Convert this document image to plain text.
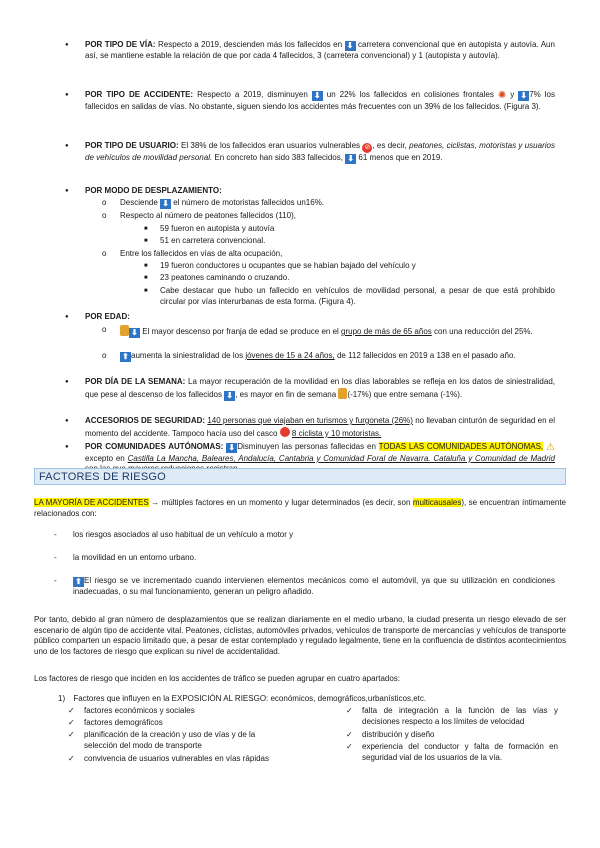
● POR TIPO DE VÍA: Respecto a 2019, descienden más los fallecidos en ⬇ carretera convencional que en autopista y autovía. Aun así, se mantiene estable la relación de que por cada 4 fallecidos, 3 (carretera convencional) y 1 (autopista y autovía).
● POR TIPO DE ACCIDENTE: Respecto a 2019, disminuyen ⬇ un 22% los fallecidos en colisiones frontales ✺ y ⬇ 7% los fallecidos en salidas de vías. No obstante, siguen siendo los accidentes más frecuentes con un 39% de los fallecidos. (Figura 3).
● POR TIPO DE USUARIO: El 38% de los fallecidos eran usuarios vulnerables ⊘ , es decir, peatones, ciclistas, motoristas y usuarios de vehículos de movilidad personal. En concreto han sido 383 fallecidos, ⬇ 61 menos que en 2019.
● POR MODO DE DESPLAZAMIENTO:
o Desciende ⬇ el número de motoristas fallecidos un16%.
o Respecto al número de peatones fallecidos (110),
■ 59 fueron en autopista y autovía
■ 51 en carretera convencional.
o Entre los fallecidos en vías de alta ocupación,
■ 19 fueron conductores u ocupantes que se habían bajado del vehículo y
■ 23 peatones caminando o cruzando.
■ Cabe destacar que hubo un fallecido en vehículos de movilidad personal, a pesar de que está prohibido circular por vías interurbanas de esta forma. (Figura 4).
● POR EDAD:
o ⬇ El mayor descenso por franja de edad se produce en el grupo de más de 65 años con una reducción del 25%.
o ⬆ aumenta la siniestralidad de los jóvenes de 15 a 24 años, de 112 fallecidos en 2019 a 138 en el pasado año.
● POR DÍA DE LA SEMANA: La mayor recuperación de la movilidad en los días laborables se refleja en los datos de siniestralidad, que pese al descenso de los fallecidos ⬇ , es mayor en fin de semana (-17%) que entre semana (-1%).
● ACCESORIOS DE SEGURIDAD: 140 personas que viajaban en turismos y furgoneta (26%) no llevaban cinturón de seguridad en el momento del accidente. Tampoco hacía uso del casco 8 ciclista y 10 motoristas.
● POR COMUNIDADES AUTÓNOMAS: ⬇ Disminuyen las personas fallecidas en TODAS LAS COMUNIDADES AUTÓNOMAS, ⚠ excepto en Castilla La Mancha, Baleares, Andalucía, Cantabria y Comunidad Foral de Navarra. Cataluña y Comunidad de Madrid
FACTORES DE RIESGO
LA MAYORÍA DE ACCIDENTES → múltiples factores en un momento y lugar determinados (es decir, son multicausales), se encuentran íntimamente relacionados con:
- los riesgos asociados al uso habitual de un vehículo a motor y
- la movilidad en un entorno urbano.
- ⬆ El riesgo se ve incrementado cuando intervienen elementos mecánicos como el automóvil, ya que su utilización en condiciones inadecuadas, o su mal funcionamiento, generan un peligro añadido.
Por tanto, debido al gran número de desplazamientos que se realizan diariamente en el medio urbano, la ciudad presenta un riesgo elevado de ser escenario de algún tipo de accidente vital. Peatones, ciclistas, automóviles privados, vehículos de transporte de mercancías y vehículos de transporte público comparten un espacio limitado que, a pesar de estar contemplado y regulado legalmente, tiene en la confluencia de distintos acontecimientos uno de los factores de riesgo que explican su nivel de accidentalidad.
Los factores de riesgo que inciden en los accidentes de tráfico se pueden agrupar en cuatro apartados:
1) Factores que influyen en la EXPOSICIÓN AL RIESGO: económicos, demográficos,urbanísticos,etc.
✓ factores económicos y sociales
✓ factores demográficos
✓ planificación de la creación y uso de vías y de la selección del modo de transporte
✓ convivencia de usuarios vulnerables en vías rápidas
✓ falta de integración a la función de las vías y decisiones respecto a los límites de velocidad
✓ distribución y diseño
✓ experiencia del conductor y falta de formación en seguridad vial de los usuarios de la vía.
